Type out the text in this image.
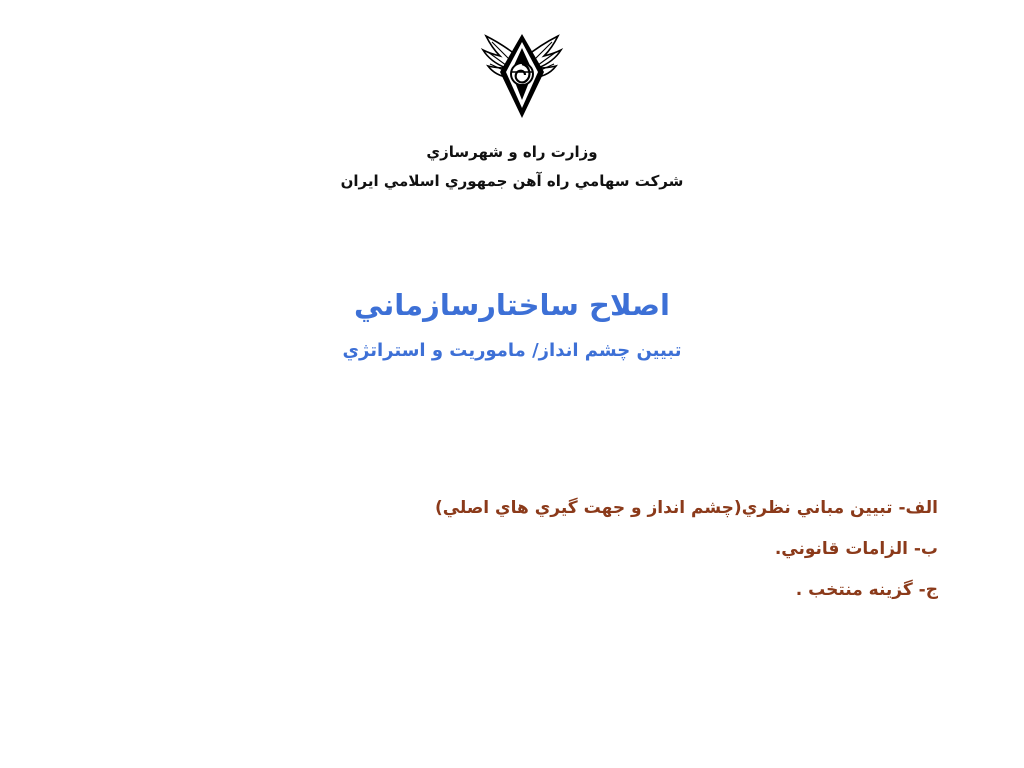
وزارت راه و شهرسازي
شركت سهامي راه آهن جمهوري اسلامي ايران
اصلاح ساختارسازماني
تبيين چشم انداز/ ماموريت و استراتژي
الف- تبيين مباني نظري(چشم انداز و جهت گيري هاي اصلي)
ب- الزامات قانوني.
ج- گزينه منتخب .
